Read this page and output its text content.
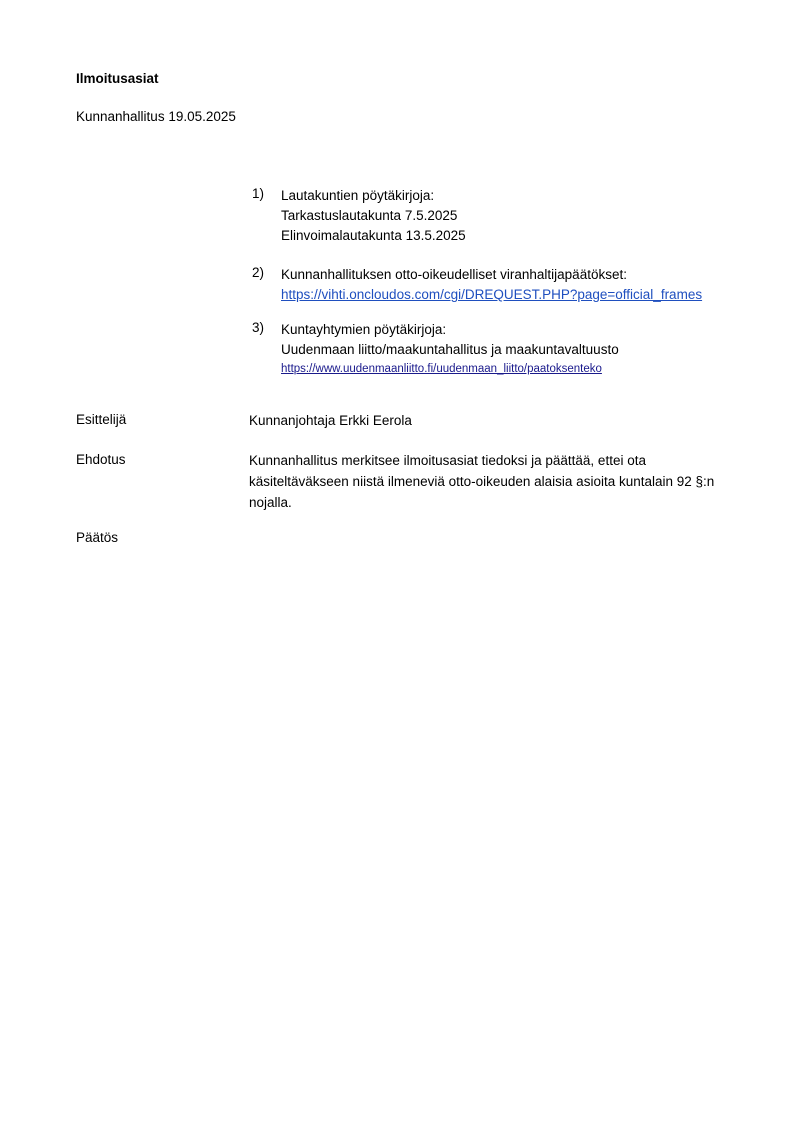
Ilmoitusasiat
Kunnanhallitus 19.05.2025
1) Lautakuntien pöytäkirjoja:
Tarkastuslautakunta 7.5.2025
Elinvoimalautakunta 13.5.2025
2) Kunnanhallituksen otto-oikeudelliset viranhaltijapäätökset:
https://vihti.oncloudos.com/cgi/DREQUEST.PHP?page=official_frames
3) Kuntayhtymien pöytäkirjoja:
Uudenmaan liitto/maakuntahallitus ja maakuntavaltuusto
https://www.uudenmaanliitto.fi/uudenmaan_liitto/paatoksenteko
Esittelijä	Kunnanjohtaja Erkki Eerola
Ehdotus	Kunnanhallitus merkitsee ilmoitusasiat tiedoksi ja päättää, ettei ota käsiteltäväkseen niistä ilmeneviä otto-oikeuden alaisia asioita kuntalain 92 §:n nojalla.
Päätös
